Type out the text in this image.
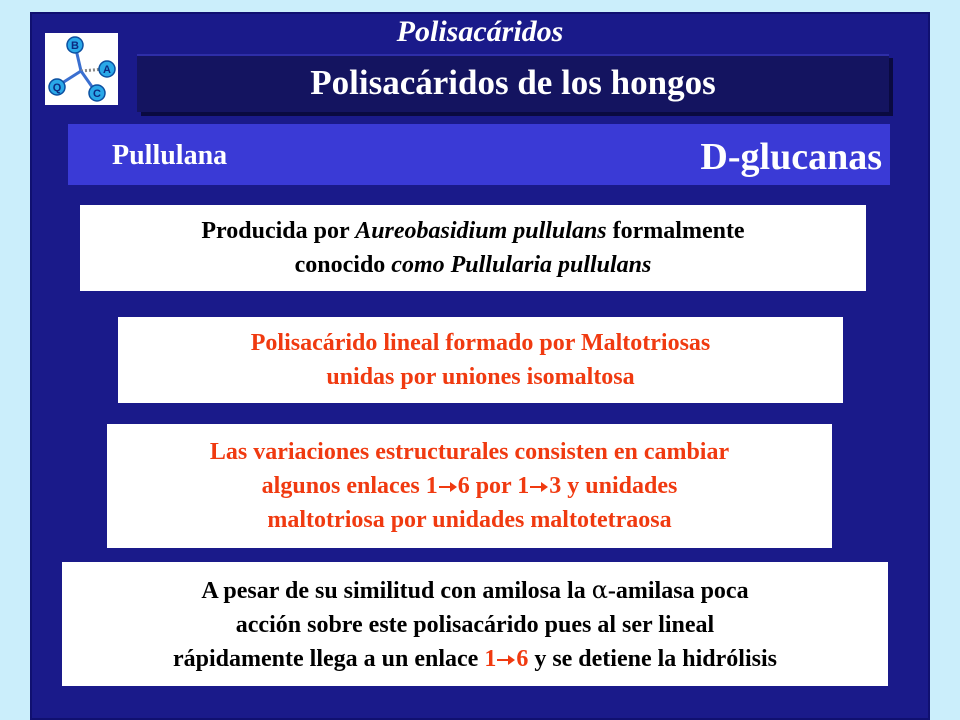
Polisacáridos
B
A
C
Q	Polisacáridos de los hongos
Pullulana	D-glucanas
Producida por Aureobasidium pullulans formalmente
conocido como Pullularia pullulans
Polisacárido lineal formado por Maltotriosas
unidas por uniones isomaltosa
Las variaciones estructurales consisten en cambiar
algunos enlaces 1 6 por 1 3 y unidades
maltotriosa por unidades maltotetraosa
A pesar de su similitud con amilosa la α-amilasa poca
acción sobre este polisacárido pues al ser lineal
rápidamente llega a un enlace 1 6 y se detiene la hidrólisis
